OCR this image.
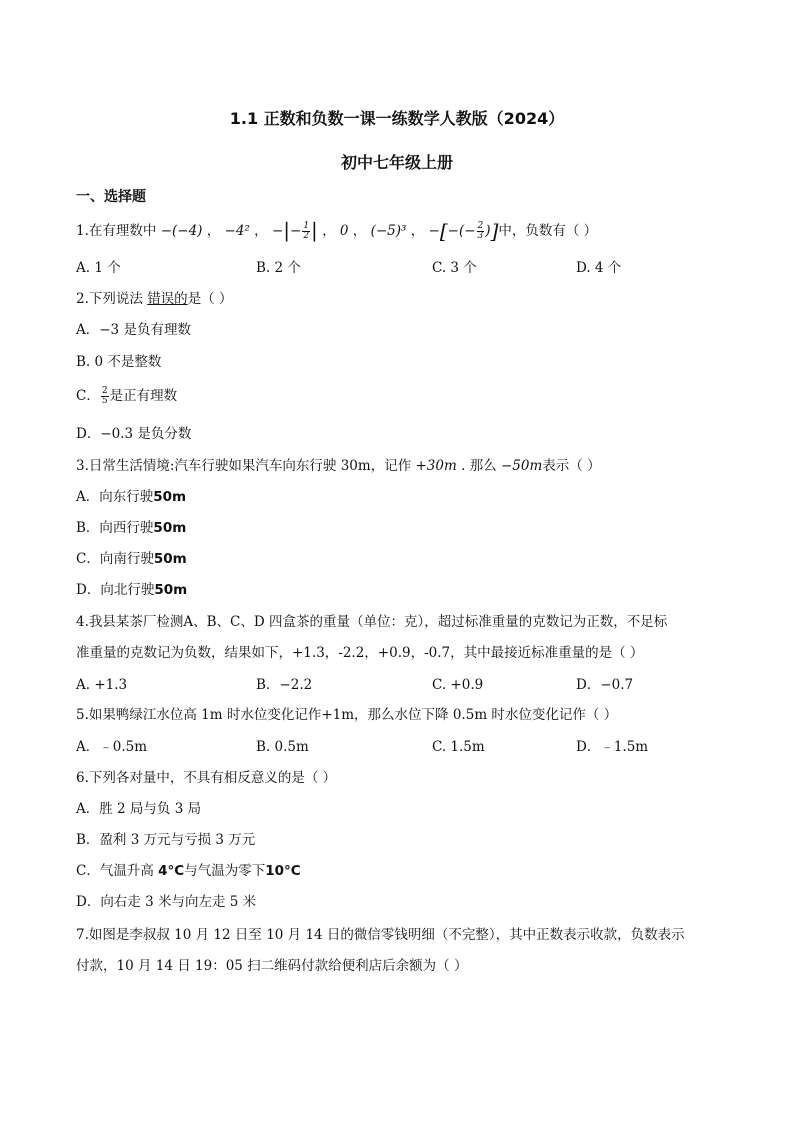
1.1 正数和负数一课一练数学人教版（2024）
初中七年级上册
一、选择题
1.在有理数中 −(−4) ， −4² ， −|− $\frac{1}{2}$ | ， 0 ， (−5)³ ， −[−(− $\frac{2}{3}$ )]中，负数有（ ）
A. 1 个	B. 2 个	C. 3 个	D. 4 个
2.下列说法 错误的是（ ）
A．−3 是负有理数
B. 0 不是整数
C． $\frac{2}{5}$ 是正有理数
D．−0.3 是负分数
3.日常生活情境:汽车行驶如果汽车向东行驶 30m，记作 +30m . 那么 −50m表示（ ）
A．向东行驶50m
B．向西行驶50m
C．向南行驶50m
D．向北行驶50m
4.我县某茶厂检测A、B、C、D 四盒茶的重量（单位：克），超过标准重量的克数记为正数，不足标
准重量的克数记为负数，结果如下，+1.3，-2.2，+0.9，-0.7，其中最接近标准重量的是（ ）
A. +1.3	B．−2.2	C. +0.9	D．−0.7
5.如果鸭绿江水位高 1m 时水位变化记作+1m，那么水位下降 0.5m 时水位变化记作（ ）
A．﹣0.5m	B. 0.5m	C. 1.5m	D．﹣1.5m
6.下列各对量中，不具有相反意义的是（ ）
A．胜 2 局与负 3 局
B．盈利 3 万元与亏损 3 万元
C．气温升高 4°C与气温为零下10°C
D．向右走 3 米与向左走 5 米
7.如图是李叔叔 10 月 12 日至 10 月 14 日的微信零钱明细（不完整），其中正数表示收款，负数表示
付款，10 月 14 日 19：05 扫二维码付款给便利店后余额为（ ）
